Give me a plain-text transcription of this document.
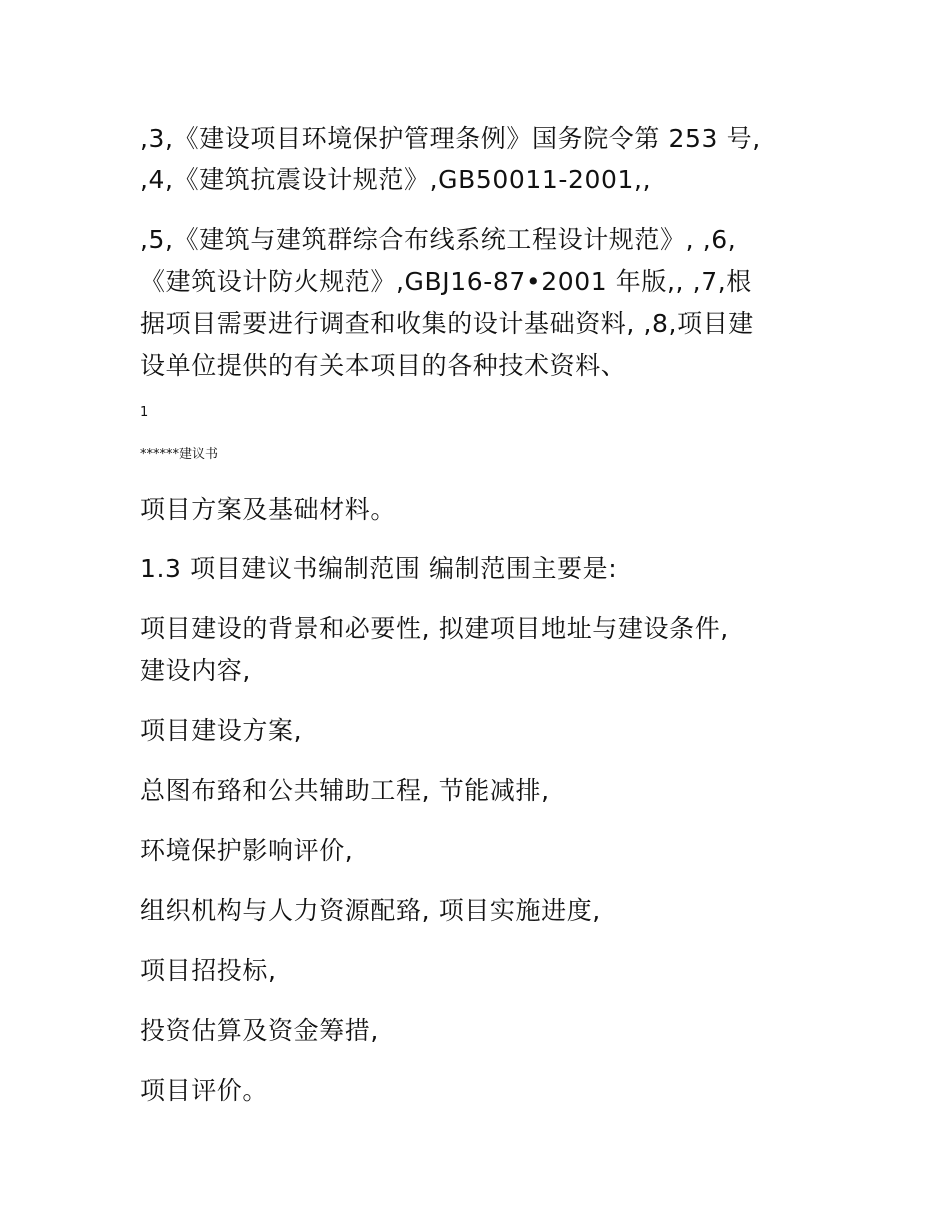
,3,《建设项目环境保护管理条例》国务院令第 253 号,
,4,《建筑抗震设计规范》,GB50011-2001,,
,5,《建筑与建筑群综合布线系统工程设计规范》, ,6,
《建筑设计防火规范》,GBJ16-87•2001 年版,, ,7,根
据项目需要进行调查和收集的设计基础资料, ,8,项目建
设单位提供的有关本项目的各种技术资料、
1
******建议书
项目方案及基础材料。
1.3 项目建议书编制范围 编制范围主要是:
项目建设的背景和必要性, 拟建项目地址与建设条件,
建设内容,
项目建设方案,
总图布臵和公共辅助工程, 节能减排,
环境保护影响评价,
组织机构与人力资源配臵, 项目实施进度,
项目招投标,
投资估算及资金筹措,
项目评价。
